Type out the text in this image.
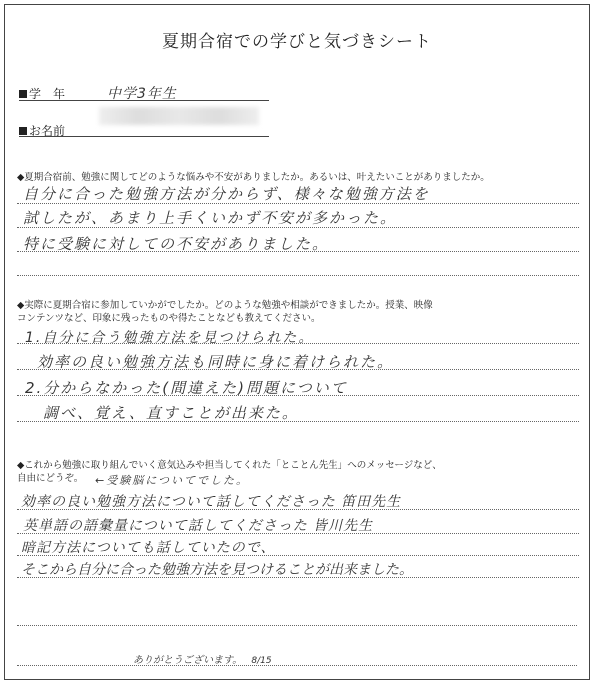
夏期合宿での学びと気づきシート
学　年	中学3年生
お名前

◆夏期合宿前、勉強に関してどのような悩みや不安がありましたか。あるいは、叶えたいことがありましたか。

自分に合った勉強方法が分からず、様々な勉強方法を
試したが、あまり上手くいかず不安が多かった。
特に受験に対しての不安がありました。

◆実際に夏期合宿に参加していかがでしたか。どのような勉強や相談ができましたか。授業、映像
コンテンツなど、印象に残ったものや得たことなども教えてください。

1.自分に合う勉強方法を見つけられた。
効率の良い勉強方法も同時に身に着けられた。
2.分からなかった(間違えた)問題について
調べ、覚え、直すことが出来た。

◆これから勉強に取り組んでいく意気込みや担当してくれた「とことん先生」へのメッセージなど、
自由にどうぞ。	←受験脳についてでした。
効率の良い勉強方法について話してくださった 笛田先生
英単語の語彙量について話してくださった 皆川先生
暗記方法についても話していたので、
そこから自分に合った勉強方法を見つけることが出来ました。
ありがとうございます。 8/15
